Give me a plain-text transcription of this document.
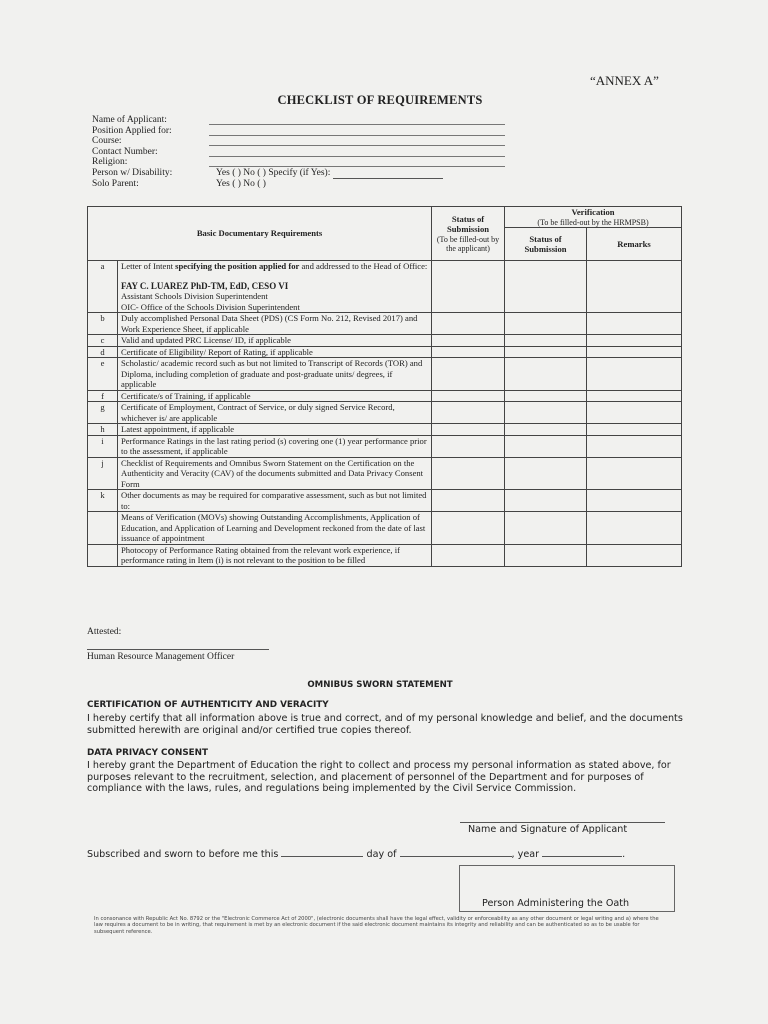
“ANNEX A”
CHECKLIST OF REQUIREMENTS
Name of Applicant:
Position Applied for:
Course:
Contact Number:
Religion:
Person w/ Disability:	Yes ( ) No ( ) Specify (if Yes):
Solo Parent:	Yes ( ) No ( )
Basic Documentary Requirements		Status of Submission
(To be filled-out by the applicant)	Verification
(To be filled-out by the HRMPSB)	

			Status of Submission	Remarks
a	Letter of Intent specifying the position applied for and addressed to the Head of Office:
FAY C. LUAREZ PhD-TM, EdD, CESO VI
Assistant Schools Division Superintendent
OIC- Office of the Schools Division Superintendent			

b	Duly accomplished Personal Data Sheet (PDS) (CS Form No. 212, Revised 2017) and Work Experience Sheet, if applicable			
c	Valid and updated PRC License/ ID, if applicable			
d	Certificate of Eligibility/ Report of Rating, if applicable			
e	Scholastic/ academic record such as but not limited to Transcript of Records (TOR) and Diploma, including completion of graduate and post-graduate units/ degrees, if applicable			
f	Certificate/s of Training, if applicable			
g	Certificate of Employment, Contract of Service, or duly signed Service Record, whichever is/ are applicable			
h	Latest appointment, if applicable			
i	Performance Ratings in the last rating period (s) covering one (1) year performance prior to the assessment, if applicable			
j	Checklist of Requirements and Omnibus Sworn Statement on the Certification on the Authenticity and Veracity (CAV) of the documents submitted and Data Privacy Consent Form			
k	Other documents as may be required for comparative assessment, such as but not limited to:			
	Means of Verification (MOVs) showing Outstanding Accomplishments, Application of Education, and Application of Learning and Development reckoned from the date of last issuance of appointment			
	Photocopy of Performance Rating obtained from the relevant work experience, if performance rating in Item (i) is not relevant to the position to be filled			
Attested:
Human Resource Management Officer
OMNIBUS SWORN STATEMENT
CERTIFICATION OF AUTHENTICITY AND VERACITY
I hereby certify that all information above is true and correct, and of my personal knowledge and belief, and the documents submitted herewith are original and/or certified true copies thereof.
DATA PRIVACY CONSENT
I hereby grant the Department of Education the right to collect and process my personal information as stated above, for purposes relevant to the recruitment, selection, and placement of personnel of the Department and for purposes of compliance with the laws, rules, and regulations being implemented by the Civil Service Commission.
Name and Signature of Applicant
Subscribed and sworn to before me this	day of	, year	.
Person Administering the Oath
In consonance with Republic Act No. 8792 or the "Electronic Commerce Act of 2000", (electronic documents shall have the legal effect, validity or enforceability as any other document or legal writing and a) where the law requires a document to be in writing, that requirement is met by an electronic document if the said electronic document maintains its integrity and reliability and can be authenticated so as to be usable for subsequent reference.
